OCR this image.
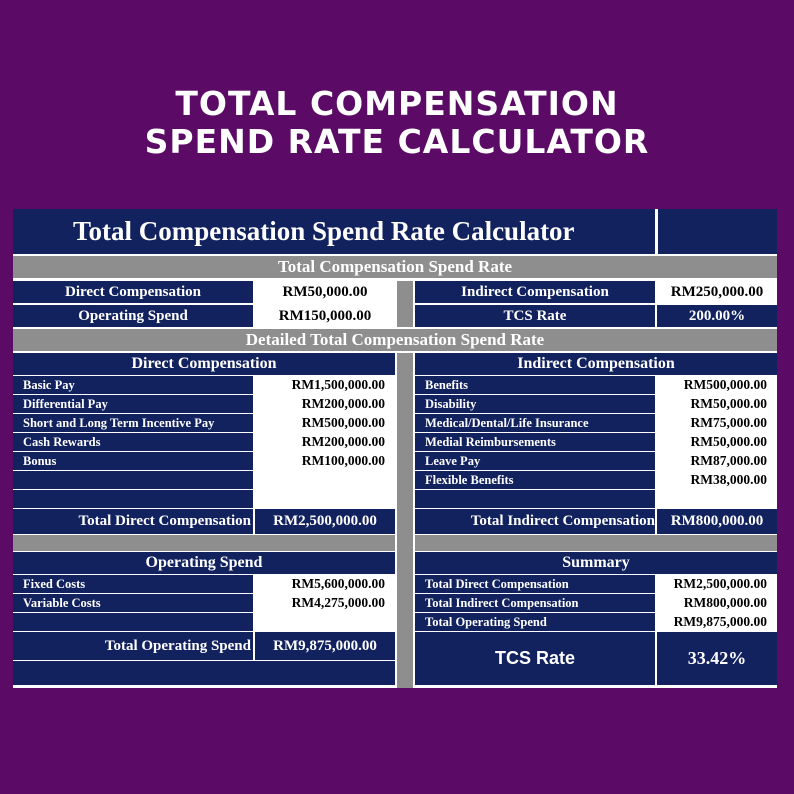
TOTAL COMPENSATION
SPEND RATE CALCULATOR
Total Compensation Spend Rate Calculator
Total Compensation Spend Rate
Direct Compensation	RM50,000.00
Operating Spend	RM150,000.00
Indirect Compensation	RM250,000.00
TCS Rate	200.00%
Detailed Total Compensation Spend Rate
Direct Compensation
Basic Pay	RM1,500,000.00
Differential Pay	RM200,000.00
Short and Long Term Incentive Pay	RM500,000.00
Cash Rewards	RM200,000.00
Bonus	RM100,000.00
Total Direct Compensation	RM2,500,000.00
Operating Spend
Fixed Costs	RM5,600,000.00
Variable Costs	RM4,275,000.00
Total Operating Spend	RM9,875,000.00
Indirect Compensation
Benefits	RM500,000.00
Disability	RM50,000.00
Medical/Dental/Life Insurance	RM75,000.00
Medial Reimbursements	RM50,000.00
Leave Pay	RM87,000.00
Flexible Benefits	RM38,000.00
Total Indirect Compensation	RM800,000.00
Summary
Total Direct Compensation	RM2,500,000.00
Total Indirect Compensation	RM800,000.00
Total Operating Spend	RM9,875,000.00
TCS Rate	33.42%
